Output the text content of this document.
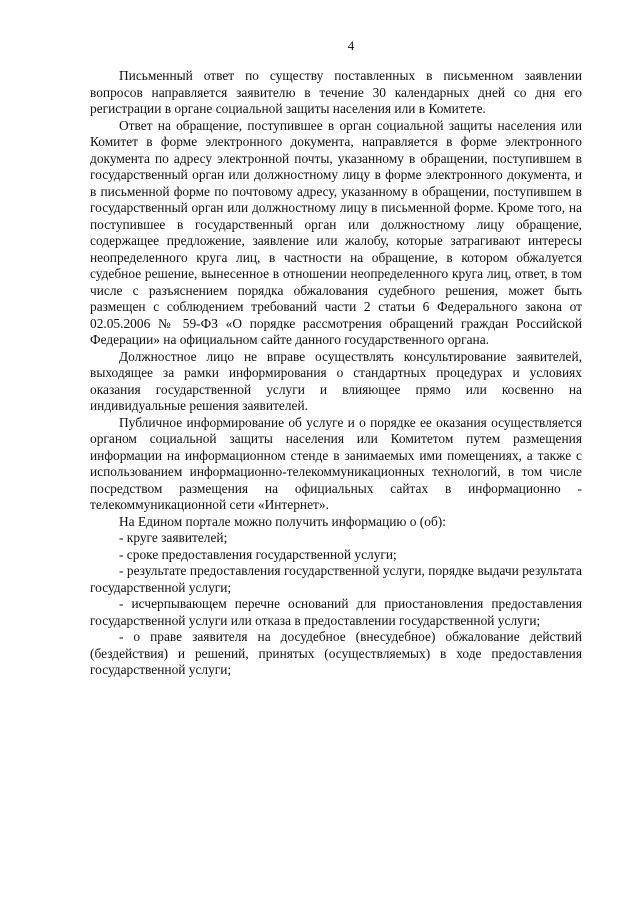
4

Письменный ответ по существу поставленных в письменном заявлении вопросов направляется заявителю в течение 30 календарных дней со дня его регистрации в органе социальной защиты населения или в Комитете.

Ответ на обращение, поступившее в орган социальной защиты населения или Комитет в форме электронного документа, направляется в форме электронного документа по адресу электронной почты, указанному в обращении, поступившем в государственный орган или должностному лицу в форме электронного документа, и в письменной форме по почтовому адресу, указанному в обращении, поступившем в государственный орган или должностному лицу в письменной форме. Кроме того, на поступившее в государственный орган или должностному лицу обращение, содержащее предложение, заявление или жалобу, которые затрагивают интересы неопределенного круга лиц, в частности на обращение, в котором обжалуется судебное решение, вынесенное в отношении неопределенного круга лиц, ответ, в том числе с разъяснением порядка обжалования судебного решения, может быть размещен с соблюдением требований части 2 статьи 6 Федерального закона от 02.05.2006 № 59-ФЗ «О порядке рассмотрения обращений граждан Российской Федерации» на официальном сайте данного государственного органа.

Должностное лицо не вправе осуществлять консультирование заявителей, выходящее за рамки информирования о стандартных процедурах и условиях оказания государственной услуги и влияющее прямо или косвенно на индивидуальные решения заявителей.

Публичное информирование об услуге и о порядке ее оказания осуществляется органом социальной защиты населения или Комитетом путем размещения информации на информационном стенде в занимаемых ими помещениях, а также с использованием информационно-телекоммуникационных технологий, в том числе посредством размещения на официальных сайтах в информационно - телекоммуникационной сети «Интернет».

На Едином портале можно получить информацию о (об):

- круге заявителей;

- сроке предоставления государственной услуги;

- результате предоставления государственной услуги, порядке выдачи результата государственной услуги;

- исчерпывающем перечне оснований для приостановления предоставления государственной услуги или отказа в предоставлении государственной услуги;

- о праве заявителя на досудебное (внесудебное) обжалование действий (бездействия) и решений, принятых (осуществляемых) в ходе предоставления государственной услуги;
